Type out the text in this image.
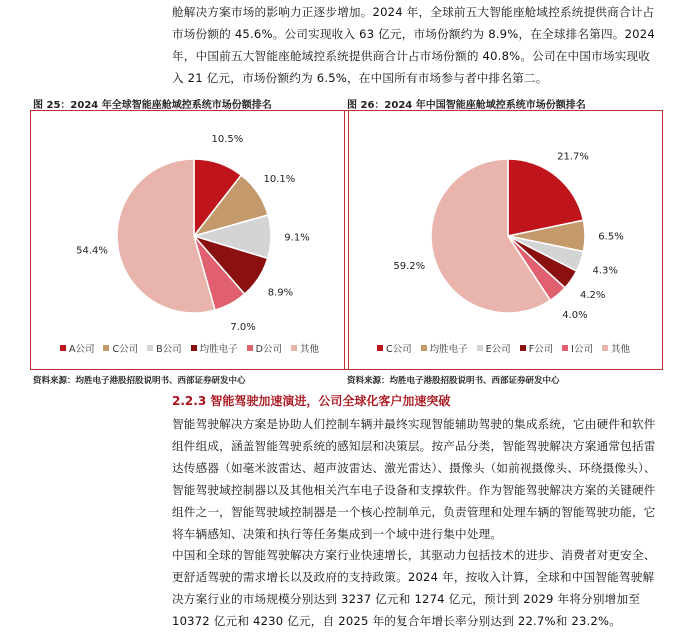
舱解决方案市场的影响力正逐步增加。2024 年，全球前五大智能座舱域控系统提供商合计占市场份额的 45.6%。公司实现收入 63 亿元，市场份额约为 8.9%，在全球排名第四。2024 年，中国前五大智能座舱域控系统提供商合计占市场份额的 40.8%。公司在中国市场实现收入 21 亿元，市场份额约为 6.5%，在中国所有市场参与者中排名第二。

图 25：2024 年全球智能座舱域控系统市场份额排名	图 26：2024 年中国智能座舱域控系统市场份额排名
10.5%
10.1%
9.1%
8.9%
7.0%
54.4%
A公司 C公司 B公司 均胜电子 D公司 其他
21.7%
6.5%
4.3%
4.2%
4.0%
59.2%
C公司 均胜电子 E公司 F公司 I公司 其他
资料来源：均胜电子港股招股说明书、西部证券研发中心	资料来源：均胜电子港股招股说明书、西部证券研发中心
2.2.3 智能驾驶加速演进，公司全球化客户加速突破

智能驾驶解决方案是协助人们控制车辆并最终实现智能辅助驾驶的集成系统，它由硬件和软件组件组成，涵盖智能驾驶系统的感知层和决策层。按产品分类，智能驾驶解决方案通常包括雷达传感器（如毫米波雷达、超声波雷达、激光雷达）、摄像头（如前视摄像头、环绕摄像头）、智能驾驶域控制器以及其他相关汽车电子设备和支撑软件。作为智能驾驶解决方案的关键硬件组件之一，智能驾驶域控制器是一个核心控制单元，负责管理和处理车辆的智能驾驶功能，它将车辆感知、决策和执行等任务集成到一个域中进行集中处理。

中国和全球的智能驾驶解决方案行业快速增长，其驱动力包括技术的进步、消费者对更安全、更舒适驾驶的需求增长以及政府的支持政策。2024 年，按收入计算，全球和中国智能驾驶解决方案行业的市场规模分别达到 3237 亿元和 1274 亿元，预计到 2029 年将分别增加至 10372 亿元和 4230 亿元，自 2025 年的复合年增长率分别达到 22.7%和 23.2%。
